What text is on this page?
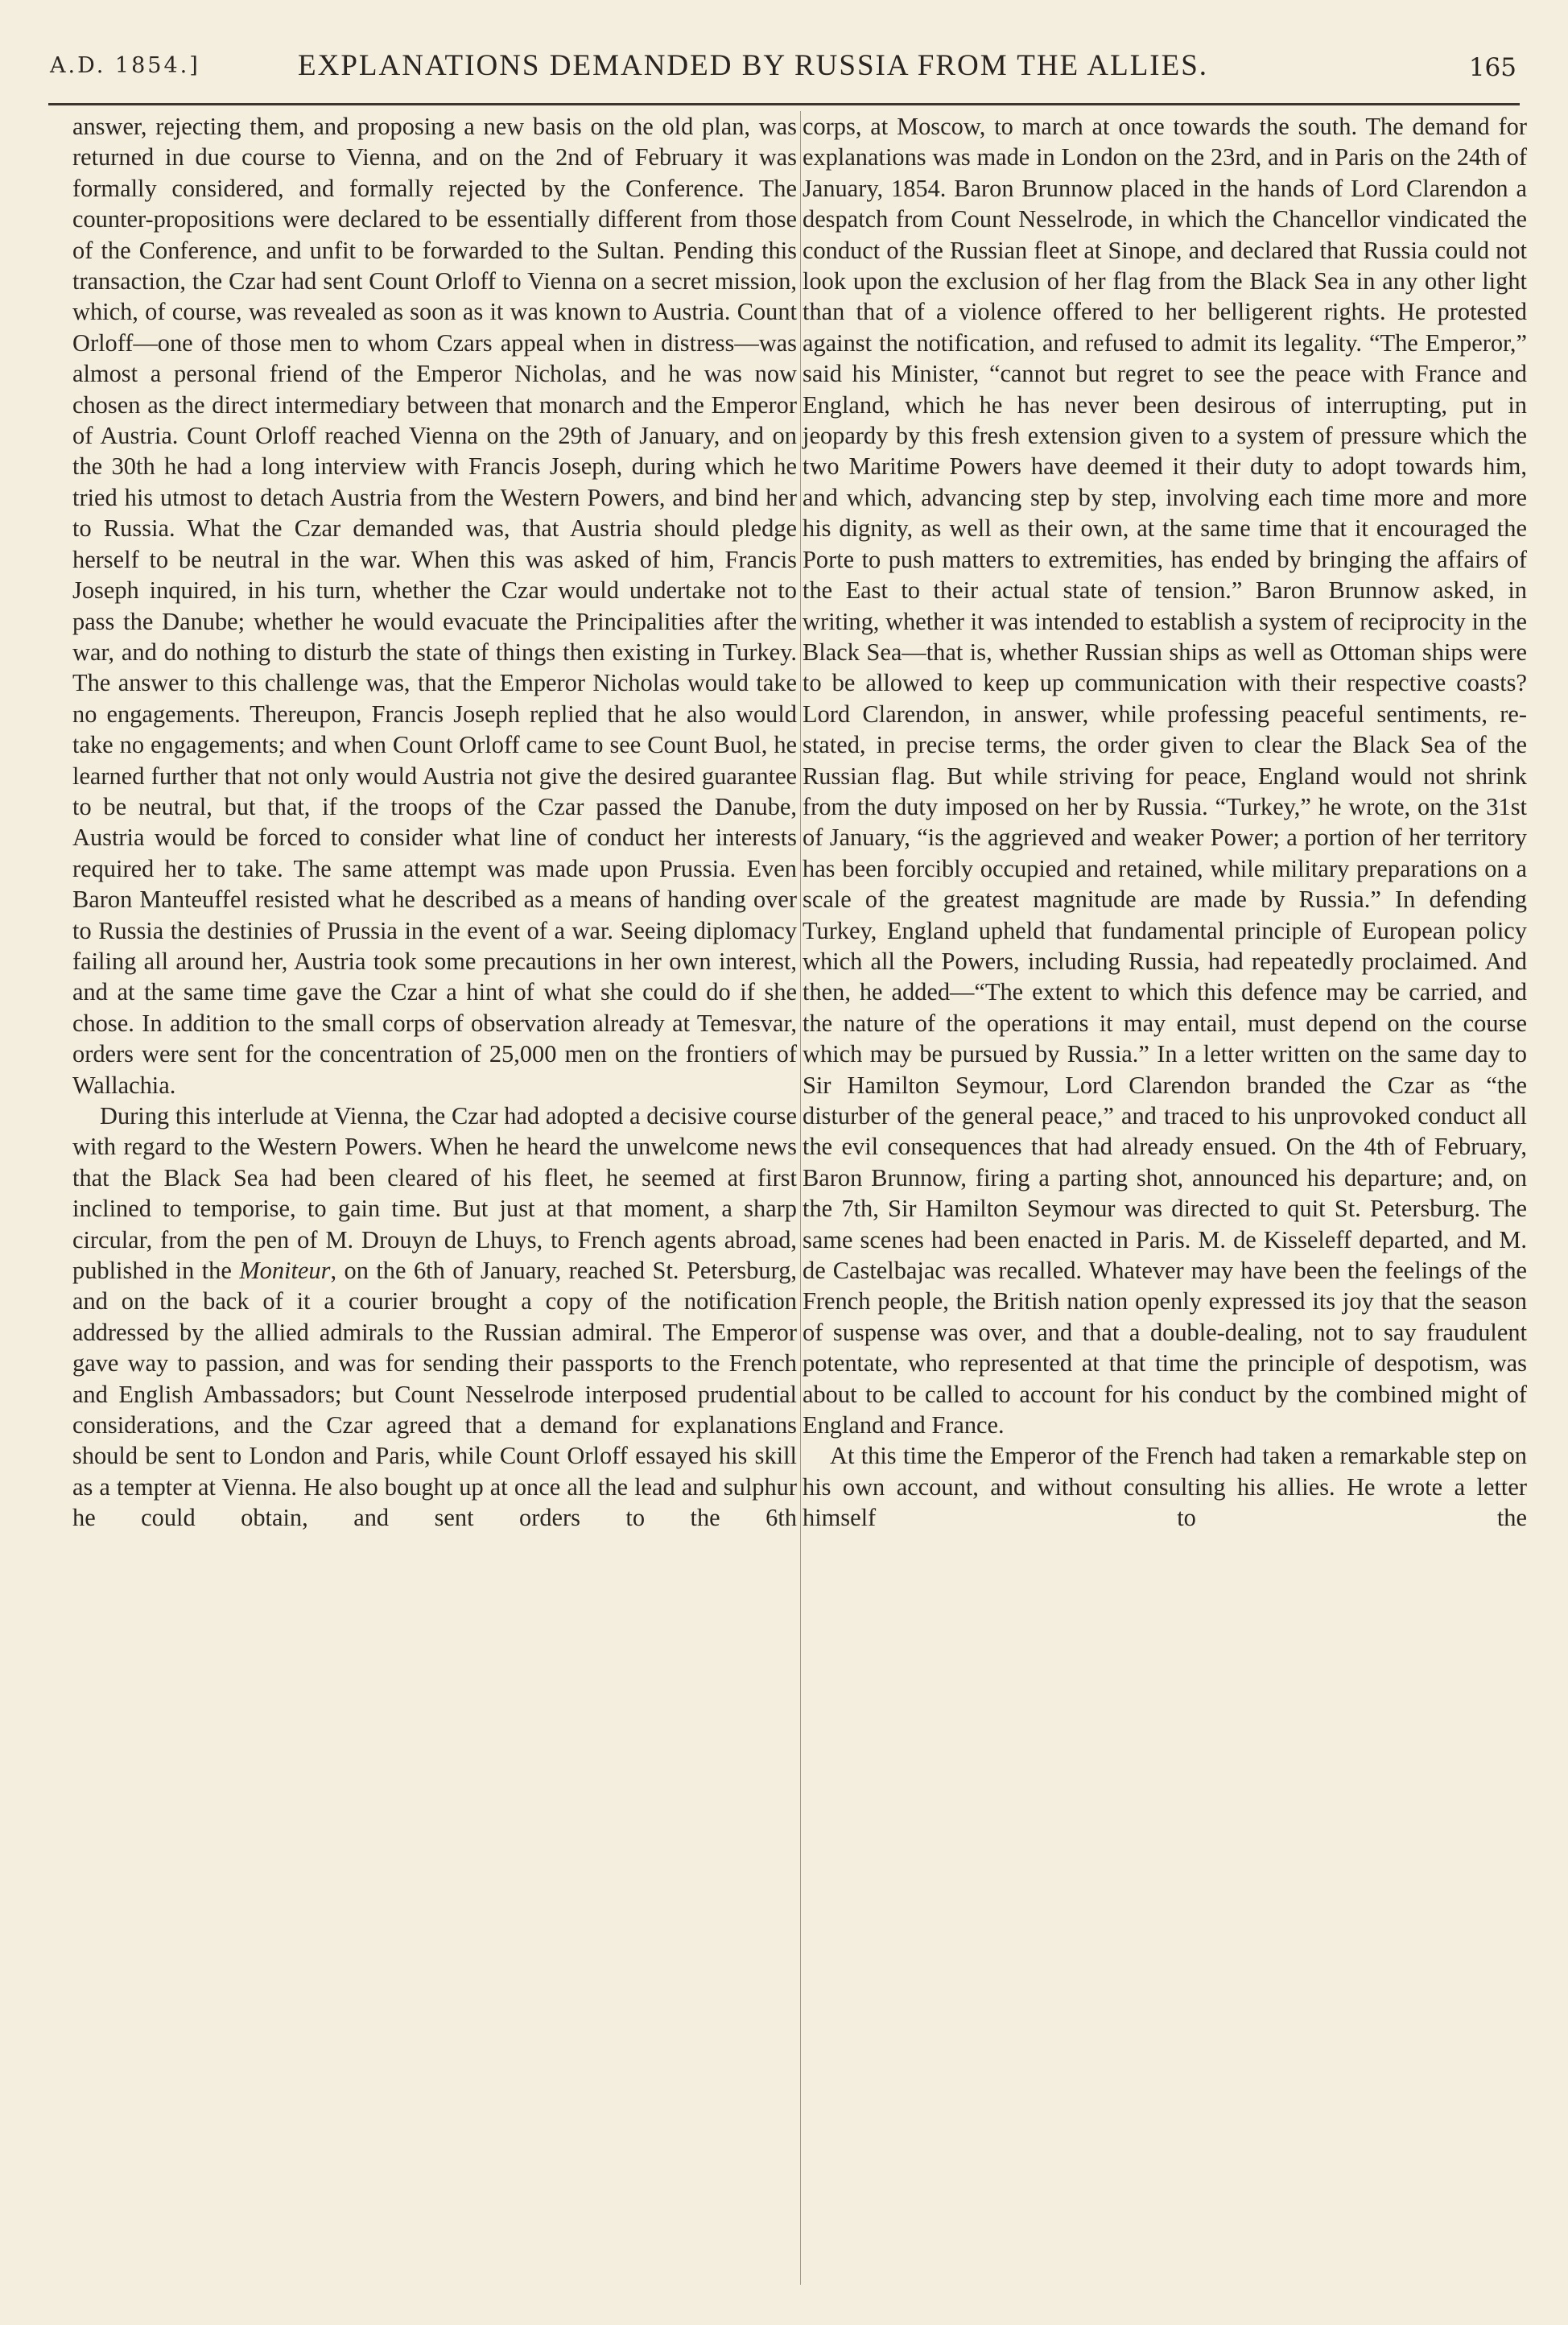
A.D. 1854.]	EXPLANATIONS DEMANDED BY RUSSIA FROM THE ALLIES.	165

answer, rejecting them, and proposing a new basis on the old plan, was returned in due course to Vienna, and on the 2nd of February it was formally considered, and formally rejected by the Conference. The counter-propositions were declared to be essentially different from those of the Conference, and unfit to be forwarded to the Sultan. Pending this transaction, the Czar had sent Count Orloff to Vienna on a secret mission, which, of course, was revealed as soon as it was known to Austria. Count Orloff—one of those men to whom Czars appeal when in distress—was almost a personal friend of the Emperor Nicholas, and he was now chosen as the direct intermediary between that monarch and the Emperor of Austria. Count Orloff reached Vienna on the 29th of January, and on the 30th he had a long interview with Francis Joseph, during which he tried his utmost to detach Austria from the Western Powers, and bind her to Russia. What the Czar demanded was, that Austria should pledge herself to be neutral in the war. When this was asked of him, Francis Joseph inquired, in his turn, whether the Czar would undertake not to pass the Danube; whether he would evacuate the Principalities after the war, and do nothing to disturb the state of things then existing in Turkey. The answer to this challenge was, that the Emperor Nicholas would take no engagements. Thereupon, Francis Joseph replied that he also would take no engagements; and when Count Orloff came to see Count Buol, he learned further that not only would Austria not give the desired guarantee to be neutral, but that, if the troops of the Czar passed the Danube, Austria would be forced to consider what line of conduct her interests required her to take. The same attempt was made upon Prussia. Even Baron Manteuffel resisted what he described as a means of handing over to Russia the destinies of Prussia in the event of a war. Seeing diplomacy failing all around her, Austria took some precautions in her own interest, and at the same time gave the Czar a hint of what she could do if she chose. In addition to the small corps of observation already at Temesvar, orders were sent for the concentration of 25,000 men on the frontiers of Wallachia.

During this interlude at Vienna, the Czar had adopted a decisive course with regard to the Western Powers. When he heard the unwelcome news that the Black Sea had been cleared of his fleet, he seemed at first inclined to temporise, to gain time. But just at that moment, a sharp circular, from the pen of M. Drouyn de Lhuys, to French agents abroad, published in the Moniteur, on the 6th of January, reached St. Petersburg, and on the back of it a courier brought a copy of the notification addressed by the allied admirals to the Russian admiral. The Emperor gave way to passion, and was for sending their passports to the French and English Ambassadors; but Count Nesselrode interposed prudential considerations, and the Czar agreed that a demand for explanations should be sent to London and Paris, while Count Orloff essayed his skill as a tempter at Vienna. He also bought up at once all the lead and sulphur he could obtain, and sent orders to the 6th

corps, at Moscow, to march at once towards the south. The demand for explanations was made in London on the 23rd, and in Paris on the 24th of January, 1854. Baron Brunnow placed in the hands of Lord Clarendon a despatch from Count Nesselrode, in which the Chancellor vindicated the conduct of the Russian fleet at Sinope, and declared that Russia could not look upon the exclusion of her flag from the Black Sea in any other light than that of a violence offered to her belligerent rights. He protested against the notification, and refused to admit its legality. “The Emperor,” said his Minister, “cannot but regret to see the peace with France and England, which he has never been desirous of interrupting, put in jeopardy by this fresh extension given to a system of pressure which the two Maritime Powers have deemed it their duty to adopt towards him, and which, advancing step by step, involving each time more and more his dignity, as well as their own, at the same time that it encouraged the Porte to push matters to extremities, has ended by bringing the affairs of the East to their actual state of tension.” Baron Brunnow asked, in writing, whether it was intended to establish a system of reciprocity in the Black Sea—that is, whether Russian ships as well as Ottoman ships were to be allowed to keep up communication with their respective coasts? Lord Clarendon, in answer, while professing peaceful sentiments, re-stated, in precise terms, the order given to clear the Black Sea of the Russian flag. But while striving for peace, England would not shrink from the duty imposed on her by Russia. “Turkey,” he wrote, on the 31st of January, “is the aggrieved and weaker Power; a portion of her territory has been forcibly occupied and retained, while military preparations on a scale of the greatest magnitude are made by Russia.” In defending Turkey, England upheld that fundamental principle of European policy which all the Powers, including Russia, had repeatedly proclaimed. And then, he added—“The extent to which this defence may be carried, and the nature of the operations it may entail, must depend on the course which may be pursued by Russia.” In a letter written on the same day to Sir Hamilton Seymour, Lord Clarendon branded the Czar as “the disturber of the general peace,” and traced to his unprovoked conduct all the evil consequences that had already ensued. On the 4th of February, Baron Brunnow, firing a parting shot, announced his departure; and, on the 7th, Sir Hamilton Seymour was directed to quit St. Petersburg. The same scenes had been enacted in Paris. M. de Kisseleff departed, and M. de Castelbajac was recalled. Whatever may have been the feelings of the French people, the British nation openly expressed its joy that the season of suspense was over, and that a double-dealing, not to say fraudulent potentate, who represented at that time the principle of despotism, was about to be called to account for his conduct by the combined might of England and France.

At this time the Emperor of the French had taken a remarkable step on his own account, and without consulting his allies. He wrote a letter himself to the
